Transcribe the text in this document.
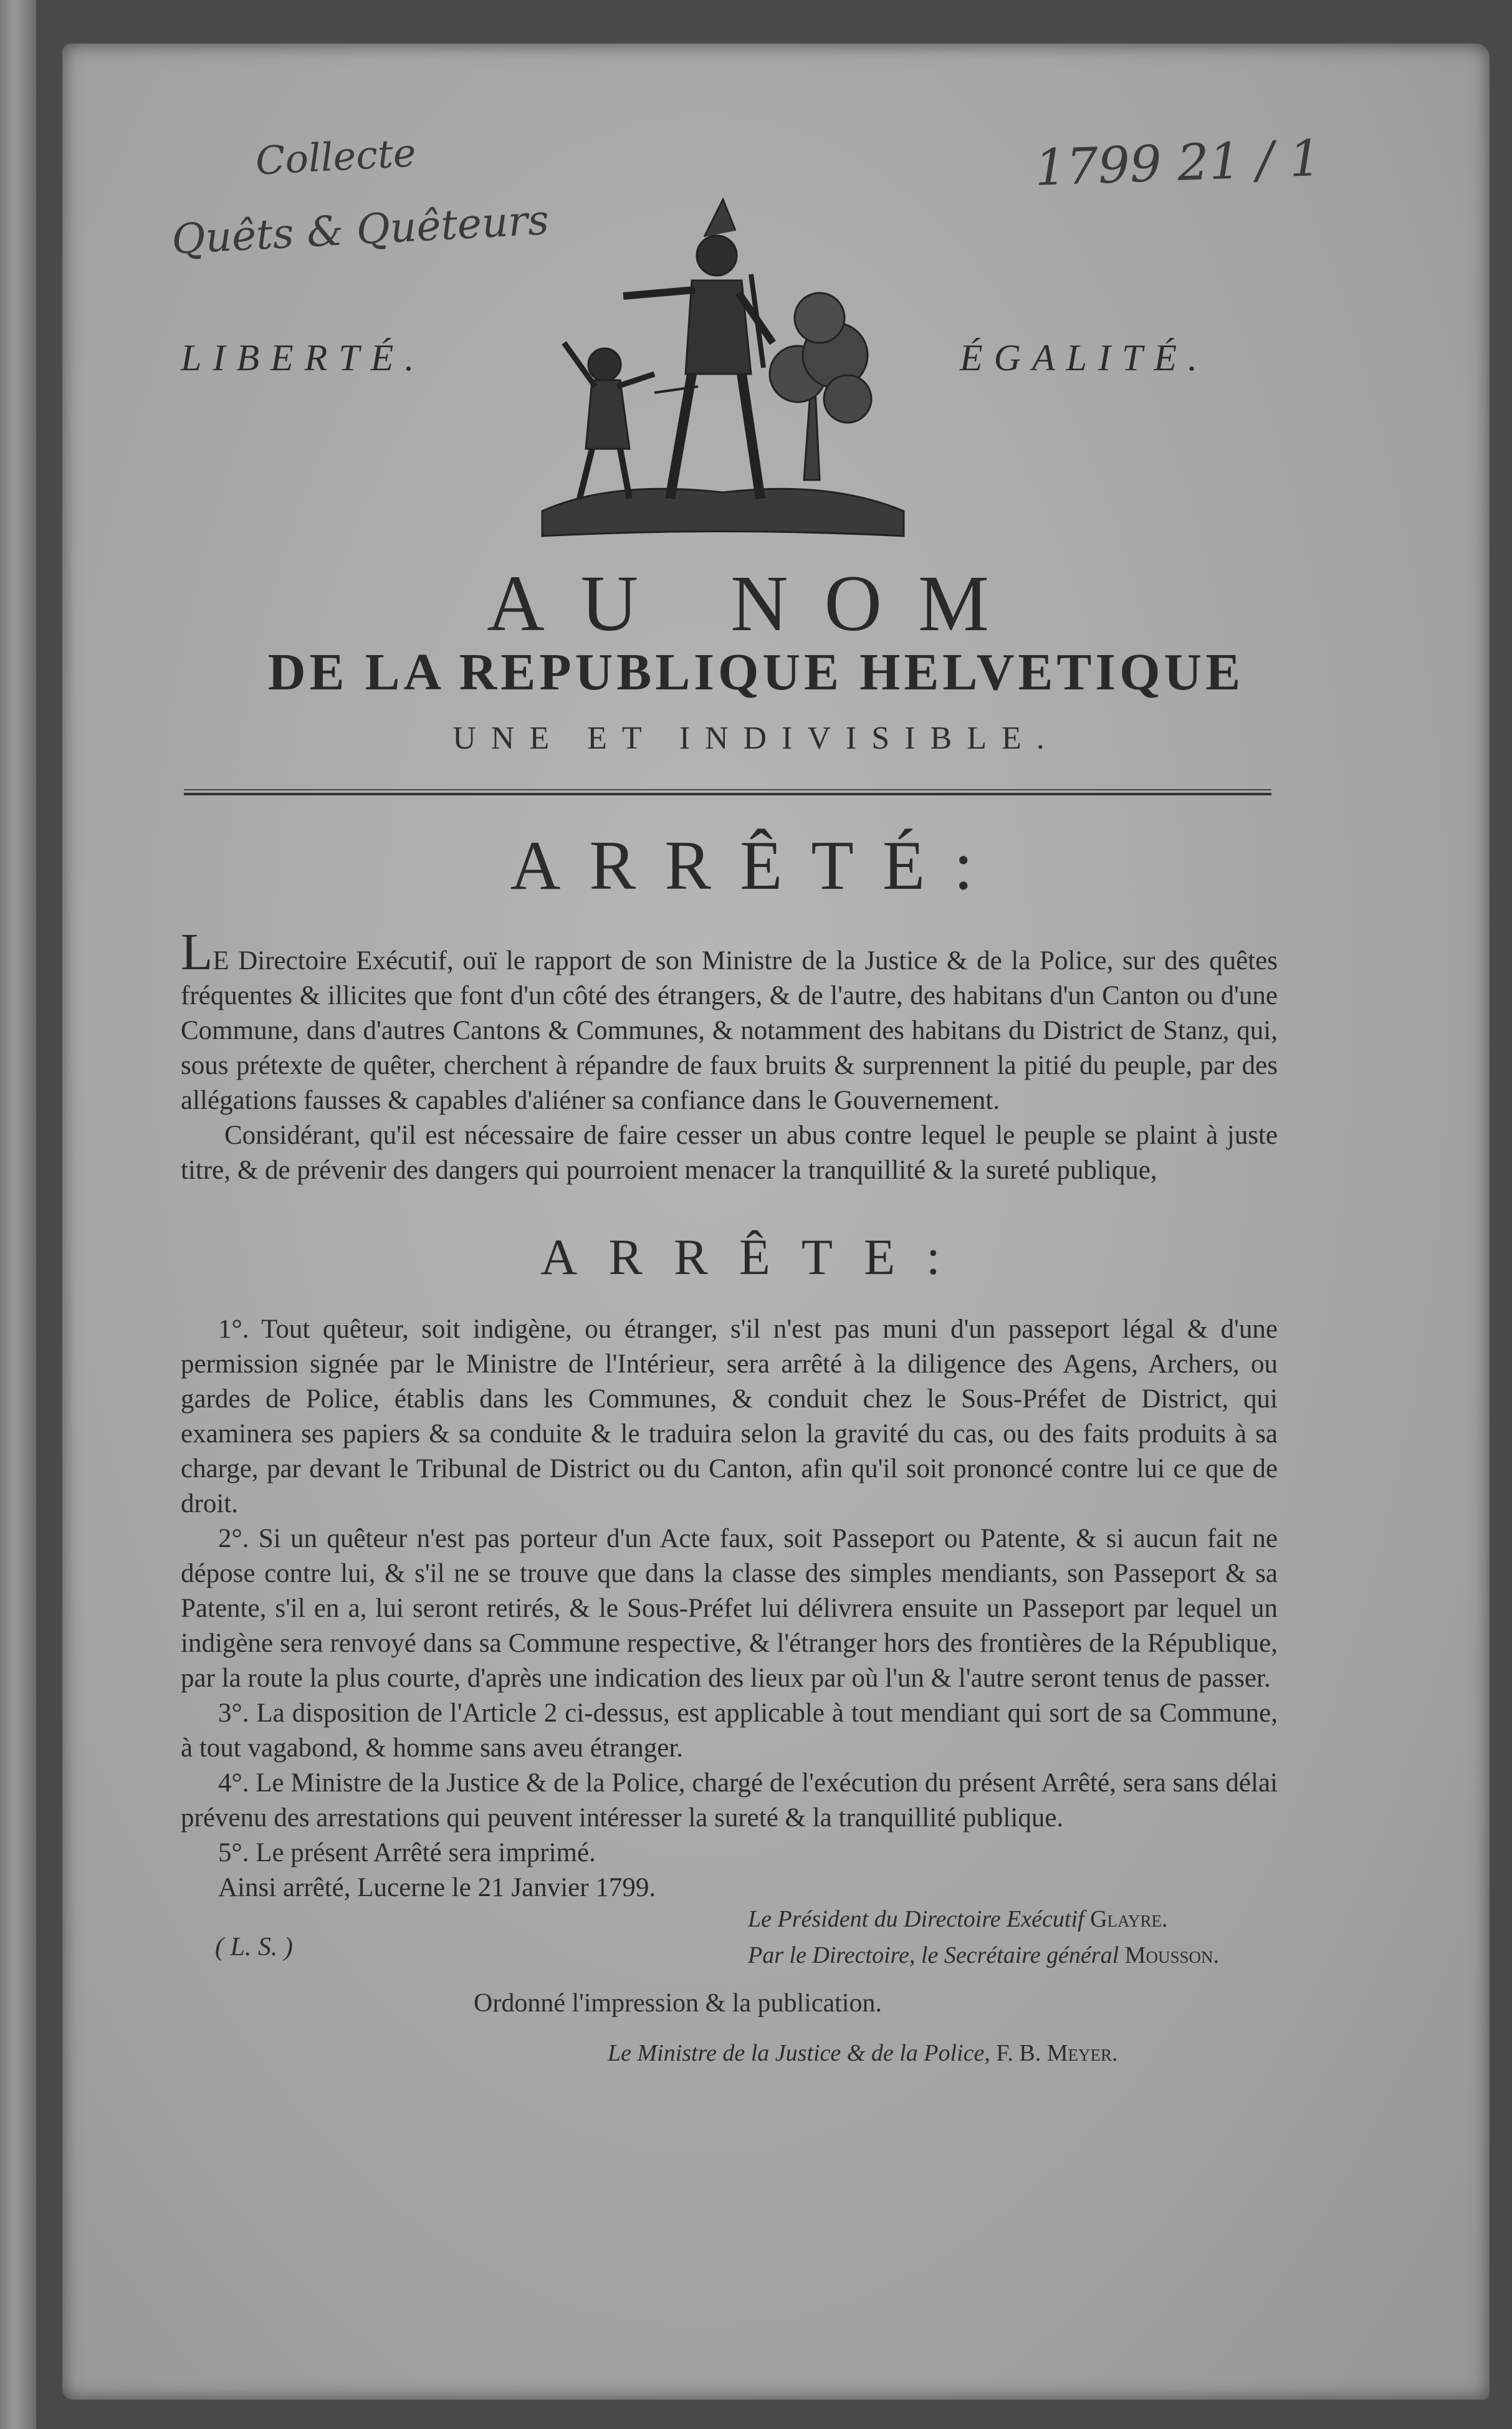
Collecte
Quêts & Quêteurs
1799 21 / 1
LIBERTÉ.	ÉGALITÉ.
AU NOM
DE LA REPUBLIQUE HELVETIQUE
UNE ET INDIVISIBLE.
ARRÊTÉ:

LE Directoire Exécutif, ouï le rapport de son Ministre de la Justice & de la Police, sur des quêtes fréquentes & illicites que font d'un côté des étrangers, & de l'autre, des habitans d'un Canton ou d'une Commune, dans d'autres Cantons & Communes, & notamment des habitans du District de Stanz, qui, sous prétexte de quêter, cherchent à répandre de faux bruits & surprennent la pitié du peuple, par des allégations fausses & capables d'aliéner sa confiance dans le Gouvernement.

Considérant, qu'il est nécessaire de faire cesser un abus contre lequel le peuple se plaint à juste titre, & de prévenir des dangers qui pourroient menacer la tranquillité & la sureté publique,

ARRÊTE:

1°. Tout quêteur, soit indigène, ou étranger, s'il n'est pas muni d'un passeport légal & d'une permission signée par le Ministre de l'Intérieur, sera arrêté à la diligence des Agens, Archers, ou gardes de Police, établis dans les Communes, & conduit chez le Sous-Préfet de District, qui examinera ses papiers & sa conduite & le traduira selon la gravité du cas, ou des faits produits à sa charge, par devant le Tribunal de District ou du Canton, afin qu'il soit prononcé contre lui ce que de droit.

2°. Si un quêteur n'est pas porteur d'un Acte faux, soit Passeport ou Patente, & si aucun fait ne dépose contre lui, & s'il ne se trouve que dans la classe des simples mendiants, son Passeport & sa Patente, s'il en a, lui seront retirés, & le Sous-Préfet lui délivrera ensuite un Passeport par lequel un indigène sera renvoyé dans sa Commune respective, & l'étranger hors des frontières de la République, par la route la plus courte, d'après une indication des lieux par où l'un & l'autre seront tenus de passer.

3°. La disposition de l'Article 2 ci-dessus, est applicable à tout mendiant qui sort de sa Commune, à tout vagabond, & homme sans aveu étranger.

4°. Le Ministre de la Justice & de la Police, chargé de l'exécution du présent Arrêté, sera sans délai prévenu des arrestations qui peuvent intéresser la sureté & la tranquillité publique.

5°. Le présent Arrêté sera imprimé.

Ainsi arrêté, Lucerne le 21 Janvier 1799.

Le Président du Directoire Exécutif Glayre.
Par le Directoire, le Secrétaire général Mousson.
( L. S. )
Ordonné l'impression & la publication.
Le Ministre de la Justice & de la Police, F. B. Meyer.
